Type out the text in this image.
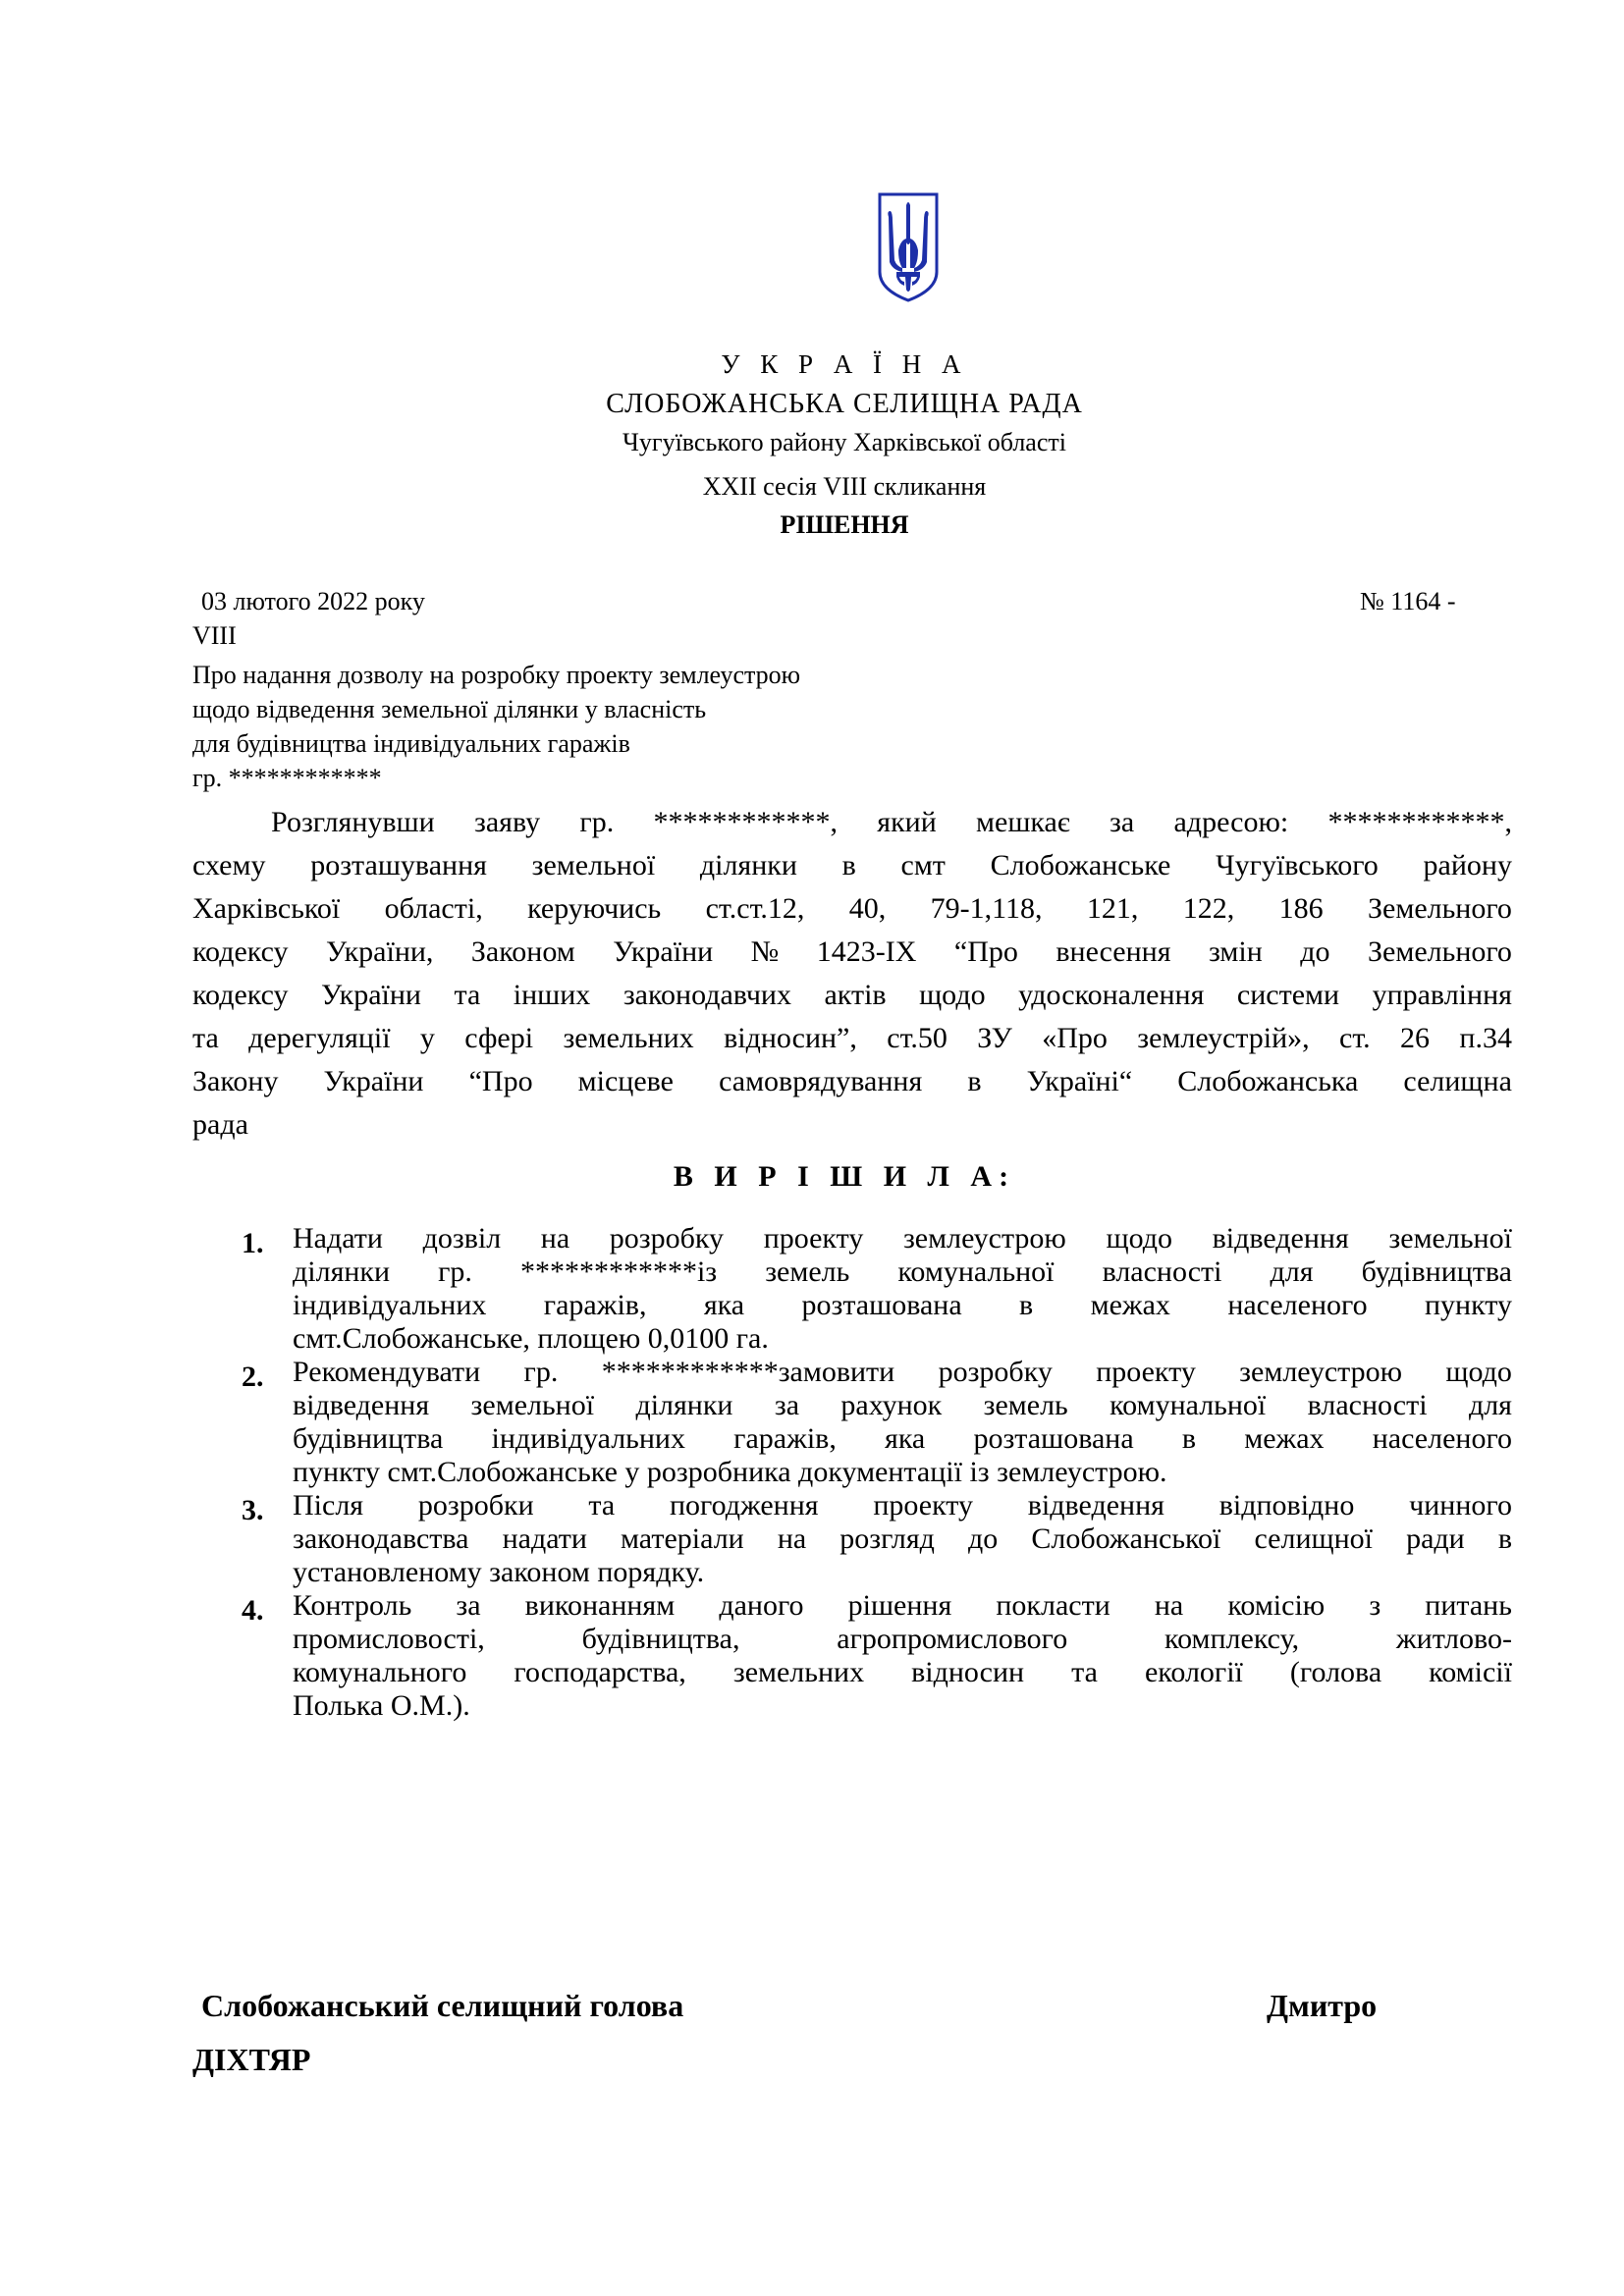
У К Р А Ї Н А
СЛОБОЖАНСЬКА СЕЛИЩНА РАДА
Чугуївського району Харківської області
XXII сесія VIII скликання
РІШЕННЯ
03 лютого 2022 року	№ 1164 -
VIII
Про надання дозволу на розробку проекту землеустрою
щодо відведення земельної ділянки у власність
для будівництва індивідуальних гаражів
гр. ************
Розглянувши заяву гр. ************, який мешкає за адресою: ************,
схему розташування земельної ділянки в смт Слобожанське Чугуївського району
Харківської області, керуючись ст.ст.12, 40, 79-1,118, 121, 122, 186 Земельного
кодексу України, Законом України № 1423-IX “Про внесення змін до Земельного
кодексу України та інших законодавчих актів щодо удосконалення системи управління
та дерегуляції у сфері земельних відносин”, ст.50 ЗУ «Про землеустрій», ст. 26 п.34
Закону України “Про місцеве самоврядування в Україні“ Слобожанська селищна
рада
В И Р І Ш И Л А:
1. Надати дозвіл на розробку проекту землеустрою щодо відведення земельної
ділянки гр. ************із земель комунальної власності для будівництва
індивідуальних гаражів, яка розташована в межах населеного пункту
смт.Слобожанське, площею 0,0100 га.
2. Рекомендувати гр. ************замовити розробку проекту землеустрою щодо
відведення земельної ділянки за рахунок земель комунальної власності для
будівництва індивідуальних гаражів, яка розташована в межах населеного
пункту смт.Слобожанське у розробника документації із землеустрою.
3. Після розробки та погодження проекту відведення відповідно чинного
законодавства надати матеріали на розгляд до Слобожанської селищної ради в
установленому законом порядку.
4. Контроль за виконанням даного рішення покласти на комісію з питань
промисловості,	будівництва,	агропромислового	комплексу,	житлово-
комунального господарства, земельних відносин та екології (голова комісії
Полька О.М.).
Слобожанський селищний голова	Дмитро
ДІХТЯР
